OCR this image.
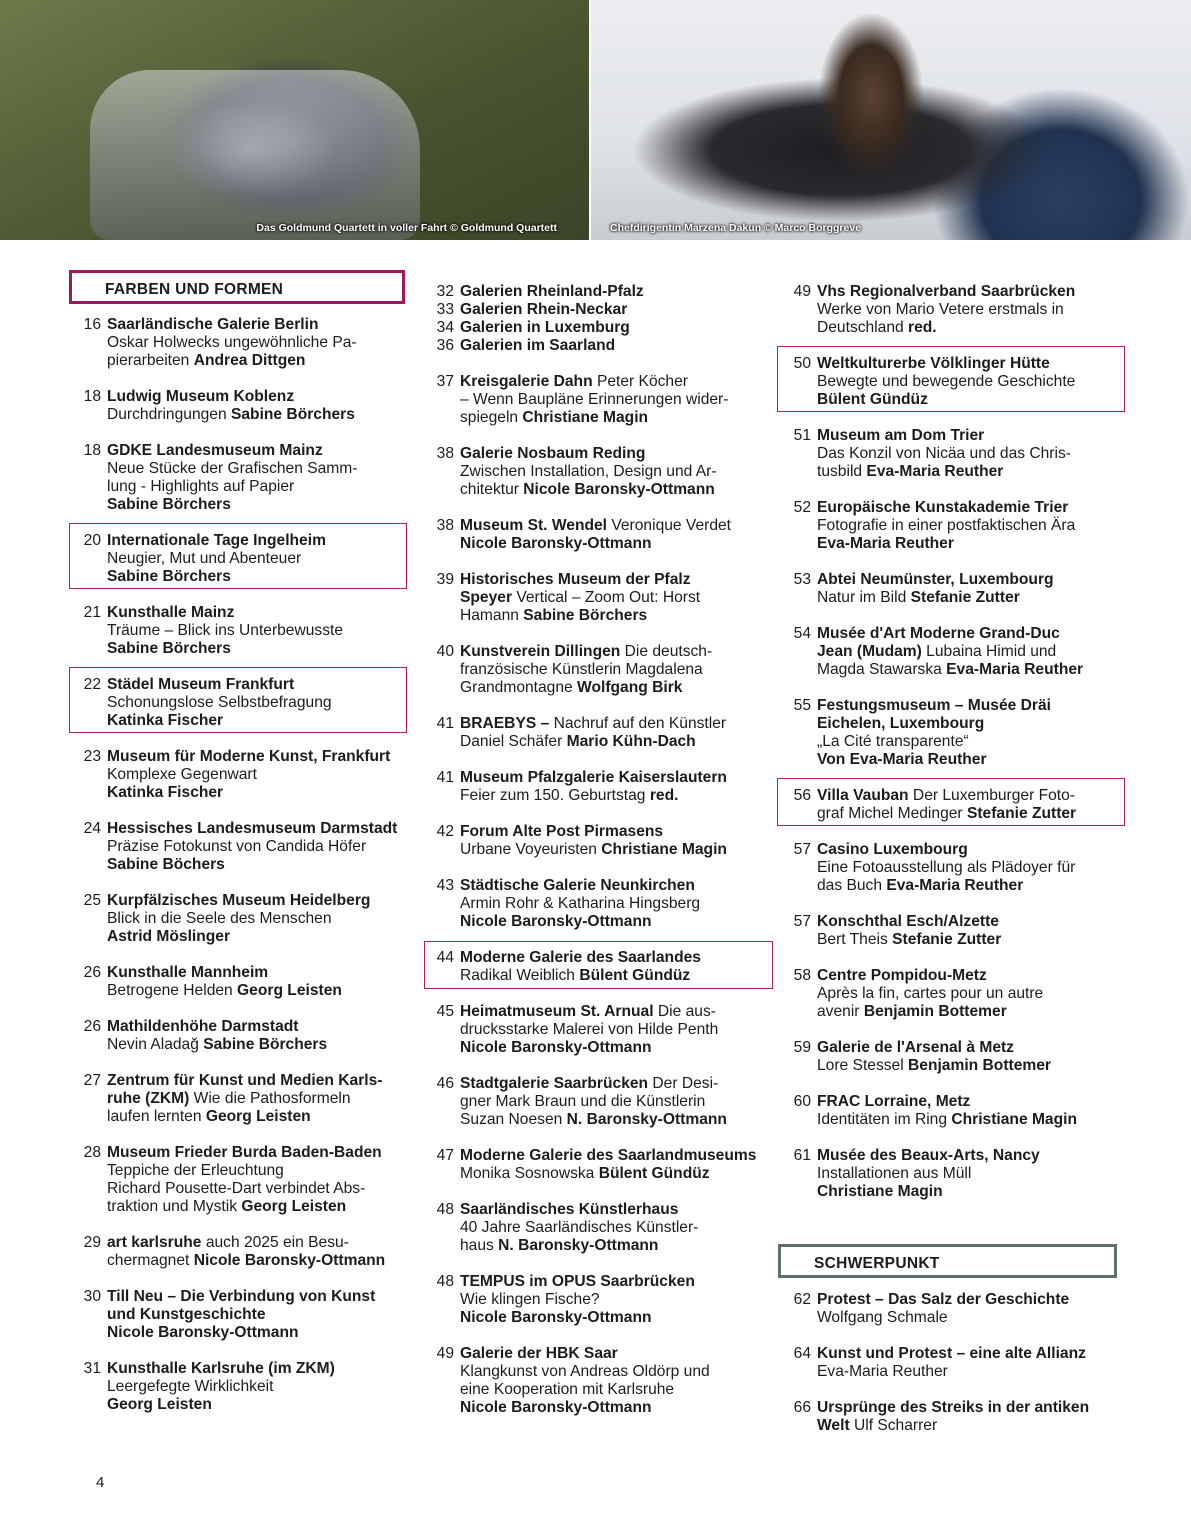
Das Goldmund Quartett in voller Fahrt © Goldmund Quartett	Chefdirigentin Marzena Dakun © Marco Borggreve
FARBEN UND FORMEN
SCHWERPUNKT
16 Saarländische Galerie Berlin
Oskar Holwecks ungewöhnliche Pa-
pierarbeiten Andrea Dittgen
18 Ludwig Museum Koblenz
Durchdringungen Sabine Börchers
18 GDKE Landesmuseum Mainz
Neue Stücke der Grafischen Samm-
lung - Highlights auf Papier
Sabine Börchers
20 Internationale Tage Ingelheim
Neugier, Mut und Abenteuer
Sabine Börchers
21 Kunsthalle Mainz
Träume – Blick ins Unterbewusste
Sabine Börchers
22 Städel Museum Frankfurt
Schonungslose Selbstbefragung
Katinka Fischer
23 Museum für Moderne Kunst, Frankfurt
Komplexe Gegenwart
Katinka Fischer
24 Hessisches Landesmuseum Darmstadt
Präzise Fotokunst von Candida Höfer
Sabine Böchers
25 Kurpfälzisches Museum Heidelberg
Blick in die Seele des Menschen
Astrid Möslinger
26 Kunsthalle Mannheim
Betrogene Helden Georg Leisten
26 Mathildenhöhe Darmstadt
Nevin Aladağ Sabine Börchers
27 Zentrum für Kunst und Medien Karls-
ruhe (ZKM) Wie die Pathosformeln
laufen lernten Georg Leisten
28 Museum Frieder Burda Baden-Baden
Teppiche der Erleuchtung
Richard Pousette-Dart verbindet Abs-
traktion und Mystik Georg Leisten
29 art karlsruhe auch 2025 ein Besu-
chermagnet Nicole Baronsky-Ottmann
30 Till Neu – Die Verbindung von Kunst
und Kunstgeschichte
Nicole Baronsky-Ottmann
31 Kunsthalle Karlsruhe (im ZKM)
Leergefegte Wirklichkeit
Georg Leisten
32 Galerien Rheinland-Pfalz
33 Galerien Rhein-Neckar
34 Galerien in Luxemburg
36 Galerien im Saarland
37 Kreisgalerie Dahn Peter Köcher
– Wenn Baupläne Erinnerungen wider-
spiegeln Christiane Magin
38 Galerie Nosbaum Reding
Zwischen Installation, Design und Ar-
chitektur Nicole Baronsky-Ottmann
38 Museum St. Wendel Veronique Verdet
Nicole Baronsky-Ottmann
39 Historisches Museum der Pfalz
Speyer Vertical – Zoom Out: Horst
Hamann Sabine Börchers
40 Kunstverein Dillingen Die deutsch-
französische Künstlerin Magdalena
Grandmontagne Wolfgang Birk
41 BRAEBYS – Nachruf auf den Künstler
Daniel Schäfer Mario Kühn-Dach
41 Museum Pfalzgalerie Kaiserslautern
Feier zum 150. Geburtstag red.
42 Forum Alte Post Pirmasens
Urbane Voyeuristen Christiane Magin
43 Städtische Galerie Neunkirchen
Armin Rohr & Katharina Hingsberg
Nicole Baronsky-Ottmann
44 Moderne Galerie des Saarlandes
Radikal Weiblich Bülent Gündüz
45 Heimatmuseum St. Arnual Die aus-
drucksstarke Malerei von Hilde Penth
Nicole Baronsky-Ottmann
46 Stadtgalerie Saarbrücken Der Desi-
gner Mark Braun und die Künstlerin
Suzan Noesen N. Baronsky-Ottmann
47 Moderne Galerie des Saarlandmuseums
Monika Sosnowska Bülent Gündüz
48 Saarländisches Künstlerhaus
40 Jahre Saarländisches Künstler-
haus N. Baronsky-Ottmann
48 TEMPUS im OPUS Saarbrücken
Wie klingen Fische?
Nicole Baronsky-Ottmann
49 Galerie der HBK Saar
Klangkunst von Andreas Oldörp und
eine Kooperation mit Karlsruhe
Nicole Baronsky-Ottmann
49 Vhs Regionalverband Saarbrücken
Werke von Mario Vetere erstmals in
Deutschland red.
50 Weltkulturerbe Völklinger Hütte
Bewegte und bewegende Geschichte
Bülent Gündüz
51 Museum am Dom Trier
Das Konzil von Nicäa und das Chris-
tusbild Eva-Maria Reuther
52 Europäische Kunstakademie Trier
Fotografie in einer postfaktischen Ära
Eva-Maria Reuther
53 Abtei Neumünster, Luxembourg
Natur im Bild Stefanie Zutter
54 Musée d'Art Moderne Grand-Duc
Jean (Mudam) Lubaina Himid und
Magda Stawarska Eva-Maria Reuther
55 Festungsmuseum – Musée Dräi
Eichelen, Luxembourg
„La Cité transparente“
Von Eva-Maria Reuther
56 Villa Vauban Der Luxemburger Foto-
graf Michel Medinger Stefanie Zutter
57 Casino Luxembourg
Eine Fotoausstellung als Plädoyer für
das Buch Eva-Maria Reuther
57 Konschthal Esch/Alzette
Bert Theis Stefanie Zutter
58 Centre Pompidou-Metz
Après la fin, cartes pour un autre
avenir Benjamin Bottemer
59 Galerie de l'Arsenal à Metz
Lore Stessel Benjamin Bottemer
60 FRAC Lorraine, Metz
Identitäten im Ring Christiane Magin
61 Musée des Beaux-Arts, Nancy
Installationen aus Müll
Christiane Magin
62 Protest – Das Salz der Geschichte
Wolfgang Schmale
64 Kunst und Protest – eine alte Allianz
Eva-Maria Reuther
66 Ursprünge des Streiks in der antiken
Welt Ulf Scharrer
4
